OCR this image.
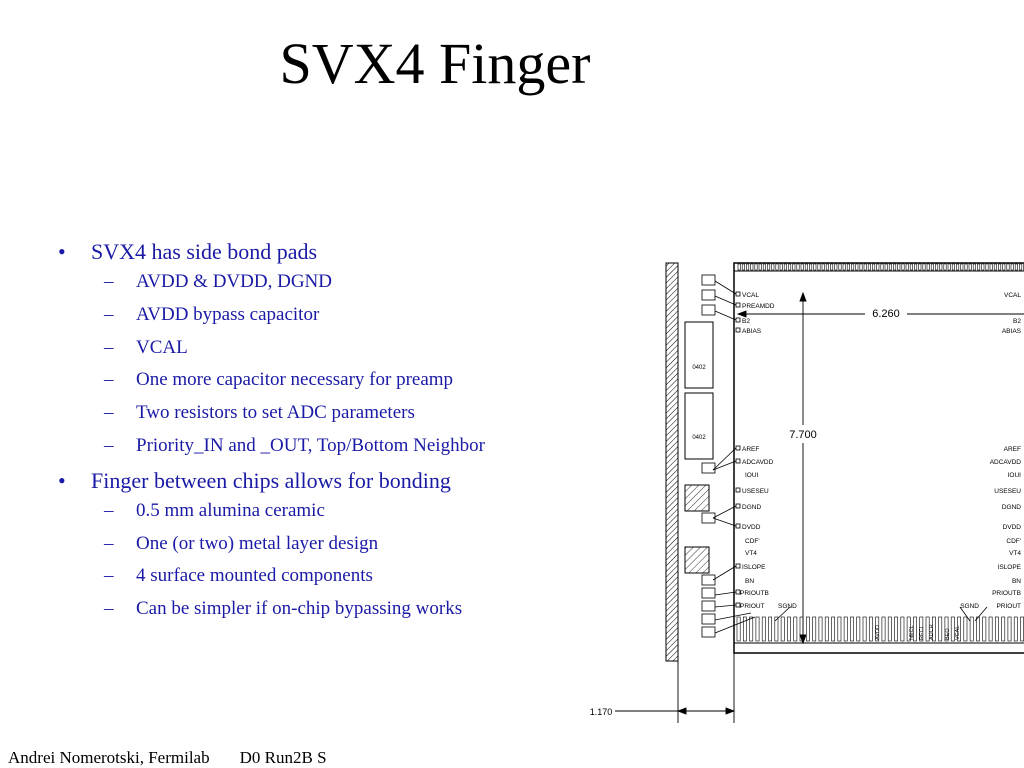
SVX4 Finger
• SVX4 has side bond pads
– AVDD & DVDD, DGND
– AVDD bypass capacitor
– VCAL
– One more capacitor necessary for preamp
– Two resistors to set ADC parameters
– Priority_IN and _OUT, Top/Bottom Neighbor
• Finger between chips allows for bonding
– 0.5 mm alumina ceramic
– One (or two) metal layer design
– 4 surface mounted components
– Can be simpler if on-chip bypassing works
0402
0402
VCAL
PREAMDD
B2
ABIAS
AREF
ADCAVDD
IOUI
USESEU
DGND
DVDD
CDF'
VT4
ISLOPE
BN
PRIOUTB
PRIOUT SGND
VCAL
B2
ABIAS
AREF
ADCAVDD
IOUI
USESEU
DGND
DVDD
CDF'
VT4
ISLOPE
BN
PRIOUTB
PRIOUT
SGND
6.260
7.700
1.170
AVDD	NECL RECL ADCR BEO VCAL
Andrei Nomerotski, Fermilab D0 Run2B S
